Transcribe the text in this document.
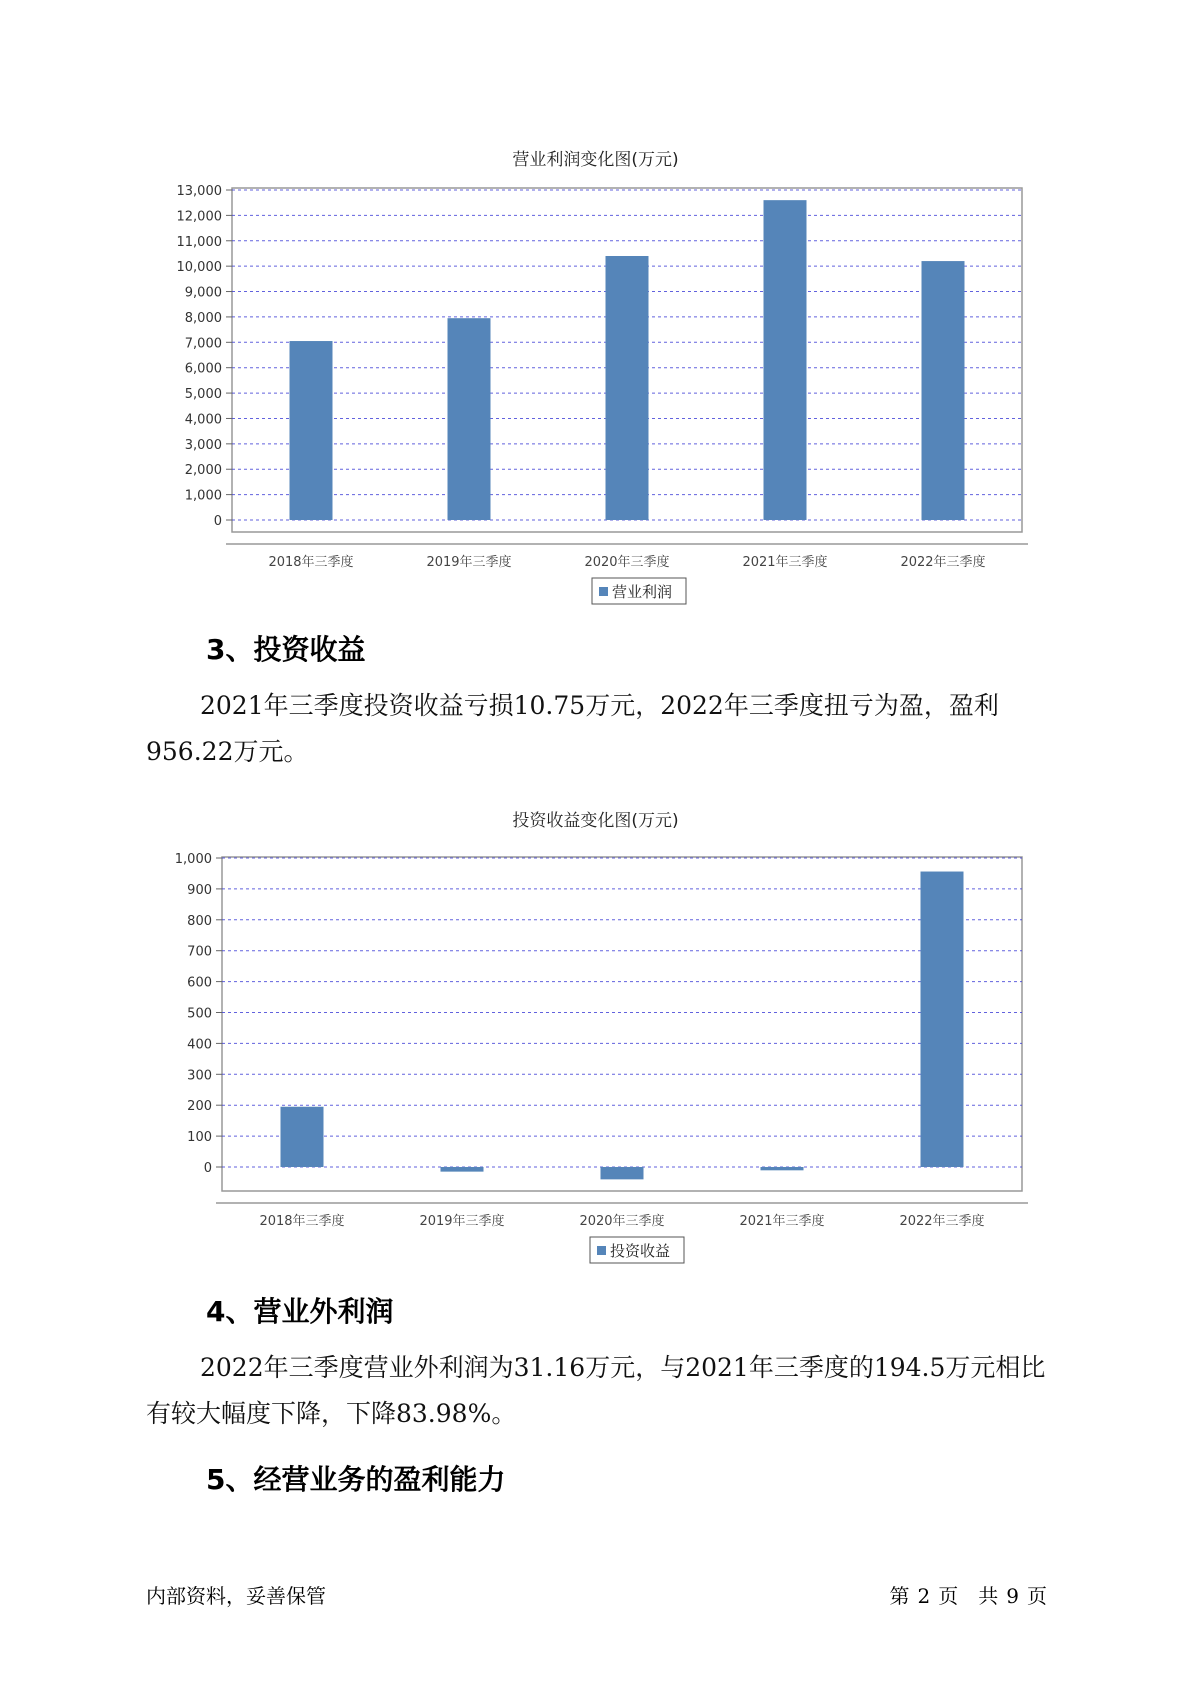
营业利润变化图(万元)
0
1,000
2,000
3,000
4,000
5,000
6,000
7,000
8,000
9,000
10,000
11,000
12,000
13,000
2018年三季度	2019年三季度	2020年三季度	2021年三季度	2022年三季度
营业利润
3、投资收益
2021年三季度投资收益亏损10.75万元，2022年三季度扭亏为盈，盈利956.22万元。
投资收益变化图(万元)
0
100
200
300
400
500
600
700
800
900
1,000
2018年三季度	2019年三季度	2020年三季度	2021年三季度	2022年三季度
投资收益
4、营业外利润
2022年三季度营业外利润为31.16万元，与2021年三季度的194.5万元相比有较大幅度下降，下降83.98%。
5、经营业务的盈利能力
内部资料，妥善保管	第 2 页　共 9 页
